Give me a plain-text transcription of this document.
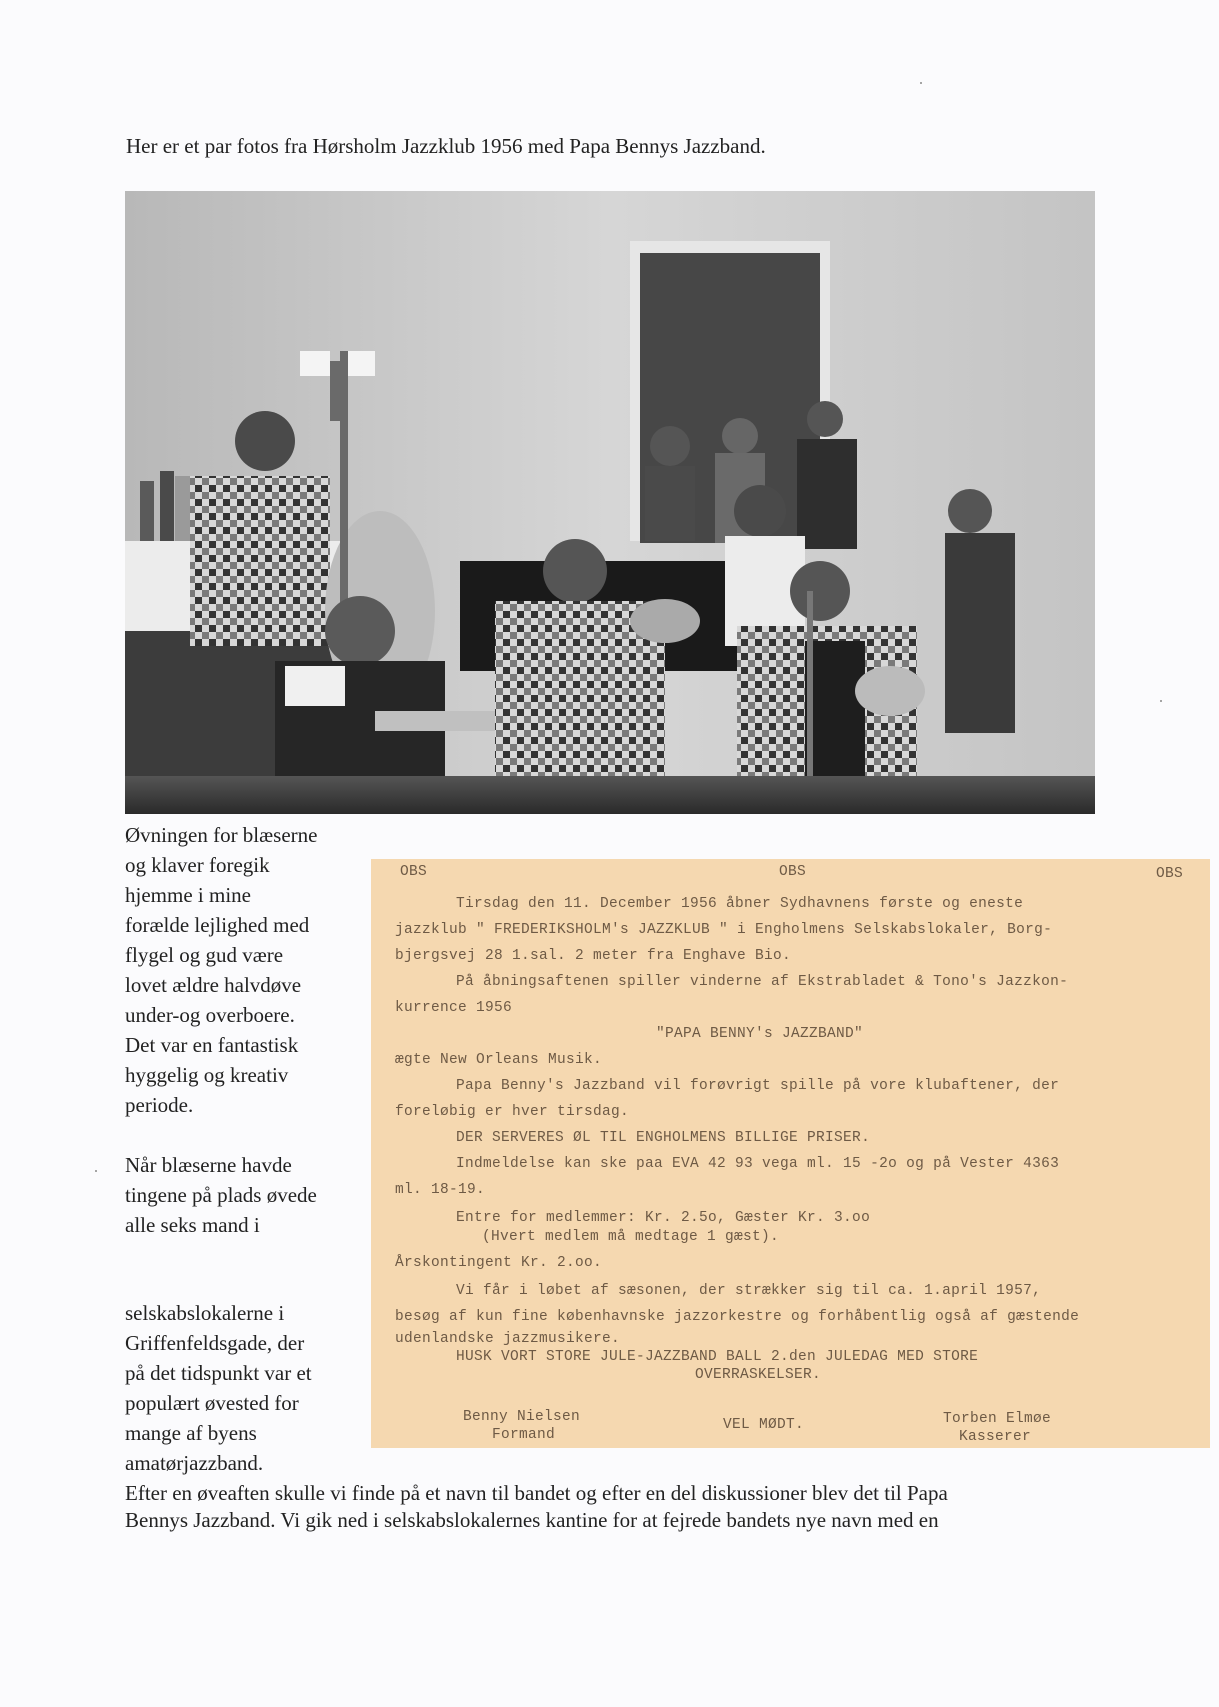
Her er et par fotos fra Hørsholm Jazzklub 1956 med Papa Bennys Jazzband.

Øvningen for blæserne

og klaver foregik

hjemme i mine

forælde lejlighed med

flygel og gud være

lovet ældre halvdøve

under-og overboere.

Det var en fantastisk

hyggelig og kreativ

periode.

Når blæserne havde

tingene på plads øvede

alle seks mand i

selskabslokalerne i

Griffenfeldsgade, der

på det tidspunkt var et

populært øvested for

mange af byens

amatørjazzband.

OBS	OBS	OBS
Tirsdag den 11. December 1956 åbner Sydhavnens første og eneste
jazzklub " FREDERIKSHOLM's JAZZKLUB " i Engholmens Selskabslokaler, Borg-
bjergsvej 28 1.sal. 2 meter fra Enghave Bio.
På åbningsaftenen spiller vinderne af Ekstrabladet & Tono's Jazzkon-
kurrence 1956
"PAPA BENNY's JAZZBAND"
ægte New Orleans Musik.
Papa Benny's Jazzband vil forøvrigt spille på vore klubaftener, der
foreløbig er hver tirsdag.
DER SERVERES ØL TIL ENGHOLMENS BILLIGE PRISER.
Indmeldelse kan ske paa EVA 42 93 vega ml. 15 -2o og på Vester 4363
ml. 18-19.
Entre for medlemmer: Kr. 2.5o, Gæster Kr. 3.oo
(Hvert medlem må medtage 1 gæst).
Årskontingent Kr. 2.oo.
Vi får i løbet af sæsonen, der strækker sig til ca. 1.april 1957,
besøg af kun fine københavnske jazzorkestre og forhåbentlig også af gæstende
udenlandske jazzmusikere.
HUSK VORT STORE JULE-JAZZBAND BALL 2.den JULEDAG MED STORE
OVERRASKELSER.
Benny Nielsen
Formand
VEL MØDT.	Torben Elmøe
Kasserer

Efter en øveaften skulle vi finde på et navn til bandet og efter en del diskussioner blev det til Papa

Bennys Jazzband. Vi gik ned i selskabslokalernes kantine for at fejrede bandets nye navn med en
